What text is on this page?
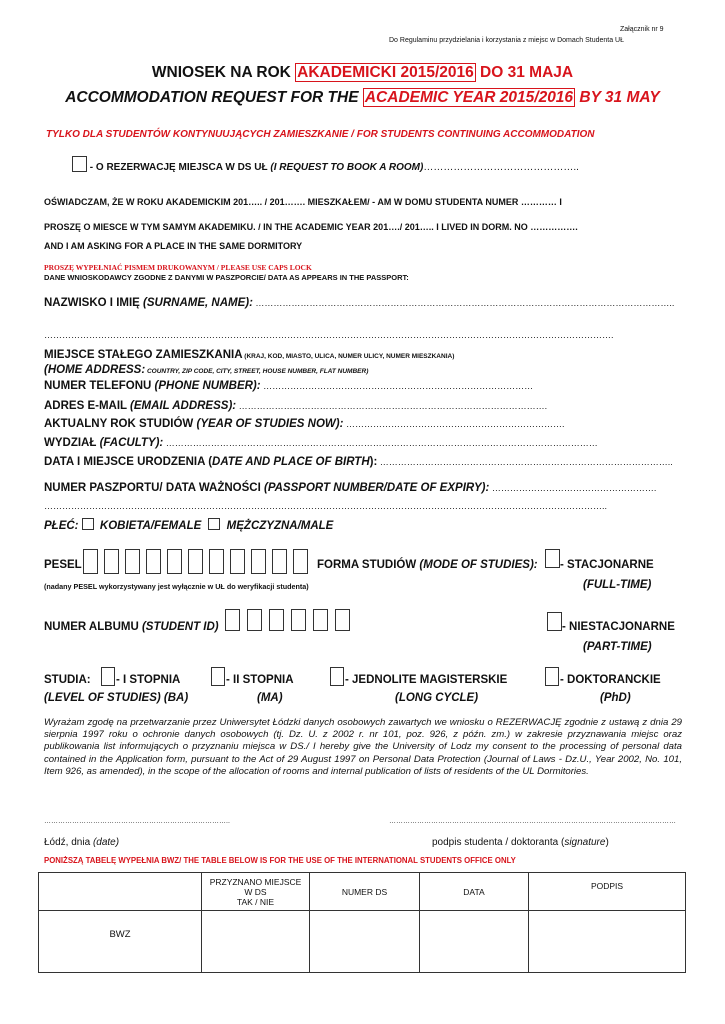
Załącznik nr 9
Do Regulaminu przydzielania i korzystania z miejsc w Domach Studenta UŁ
WNIOSEK NA ROK AKADEMICKI 2015/2016 DO 31 MAJA
ACCOMMODATION REQUEST FOR THE ACADEMIC YEAR 2015/2016 BY 31 MAY
TYLKO DLA STUDENTÓW KONTYNUUJĄCYCH ZAMIESZKANIE / FOR STUDENTS CONTINUING ACCOMMODATION
- O REZERWACJĘ MIEJSCA W DS UŁ (I REQUEST TO BOOK A ROOM)………………………………………..
OŚWIADCZAM, ŻE W ROKU AKADEMICKIM 201….. / 201……. MIESZKAŁEM/ - AM W DOMU STUDENTA NUMER ………… I
PROSZĘ O MIESCE W TYM SAMYM AKADEMIKU. / IN THE ACADEMIC YEAR 201…./ 201….. I LIVED IN DORM. NO …………….
AND I AM ASKING FOR A PLACE IN THE SAME DORMITORY
PROSZĘ WYPEŁNIAĆ PISMEM DRUKOWANYM / PLEASE USE CAPS LOCK
DANE WNIOSKODAWCY ZGODNE Z DANYMI W PASZPORCIE/ DATA AS APPEARS IN THE PASSPORT:
NAZWISKO I IMIĘ (SURNAME, NAME): …………………………………………………………………………………………………………………………..
……………………………………………………………………………………………………………………………………………………………………….
MIEJSCE STAŁEGO ZAMIESZKANIA (KRAJ, KOD, MIASTO, ULICA, NUMER ULICY, NUMER MIESZKANIA)
(HOME ADDRESS: COUNTRY, ZIP CODE, CITY, STREET, HOUSE NUMBER, FLAT NUMBER)
NUMER TELEFONU (PHONE NUMBER): ………………………………………………………………………………
ADRES E-MAIL (EMAIL ADDRESS): ………………………………………………………………………………………….
AKTUALNY ROK STUDIÓW (YEAR OF STUDIES NOW): ……………………………………………………………….
WYDZIAŁ (FACULTY): ………………………………………………………………………………………………………………………………
DATA I MIEJSCE URODZENIA (DATE AND PLACE OF BIRTH): ……………………………………………………………………………………..
NUMER PASZPORTU/ DATA WAŻNOŚCI (PASSPORT NUMBER/DATE OF EXPIRY): ……………………………………………….
……………………………………………………………………………………………………………………………………………………………………..
PŁEĆ:  KOBIETA/FEMALE  MĘŻCZYZNA/MALE
PESEL
(nadany PESEL wykorzystywany jest wyłącznie w UŁ do weryfikacji studenta)
FORMA STUDIÓW (MODE OF STUDIES): - STACJONARNE
(FULL-TIME)
NUMER ALBUMU (STUDENT ID)	- NIESTACJONARNE
(PART-TIME)
STUDIA:
(LEVEL OF STUDIES) (BA)
- I STOPNIA	- II STOPNIA
(MA)
- JEDNOLITE MAGISTERSKIE
(LONG CYCLE)
- DOKTORANCKIE
(PhD)
Wyrażam zgodę na przetwarzanie przez Uniwersytet Łódzki danych osobowych zawartych we wniosku o REZERWACJĘ zgodnie z ustawą z dnia 29 sierpnia 1997 roku o ochronie danych osobowych (tj. Dz. U. z 2002 r. nr 101, poz. 926, z późn. zm.) w zakresie przyznawania miejsc oraz publikowania list informujących o przyznaniu miejsca w DS./ I hereby give the University of Lodz my consent to the processing of personal data contained in the Application form, pursuant to the Act of 29 August 1997 on Personal Data Protection (Journal of Laws - Dz.U., Year 2002, No. 101, Item 926, as amended), in the scope of the allocation of rooms and internal publication of lists of residents of the UL Dormitories.
……………………………………………………………………..	……………………………………………………………………………………………………………
Łódź, dnia (date)	podpis studenta / doktoranta (signature)
PONIŻSZĄ TABELĘ WYPEŁNIA BWZ/ THE TABLE BELOW IS FOR THE USE OF THE INTERNATIONAL STUDENTS OFFICE ONLY

	PRZYZNANO MIEJSCE
W DS
TAK / NIE	NUMER DS	DATA	PODPIS
BWZ				
